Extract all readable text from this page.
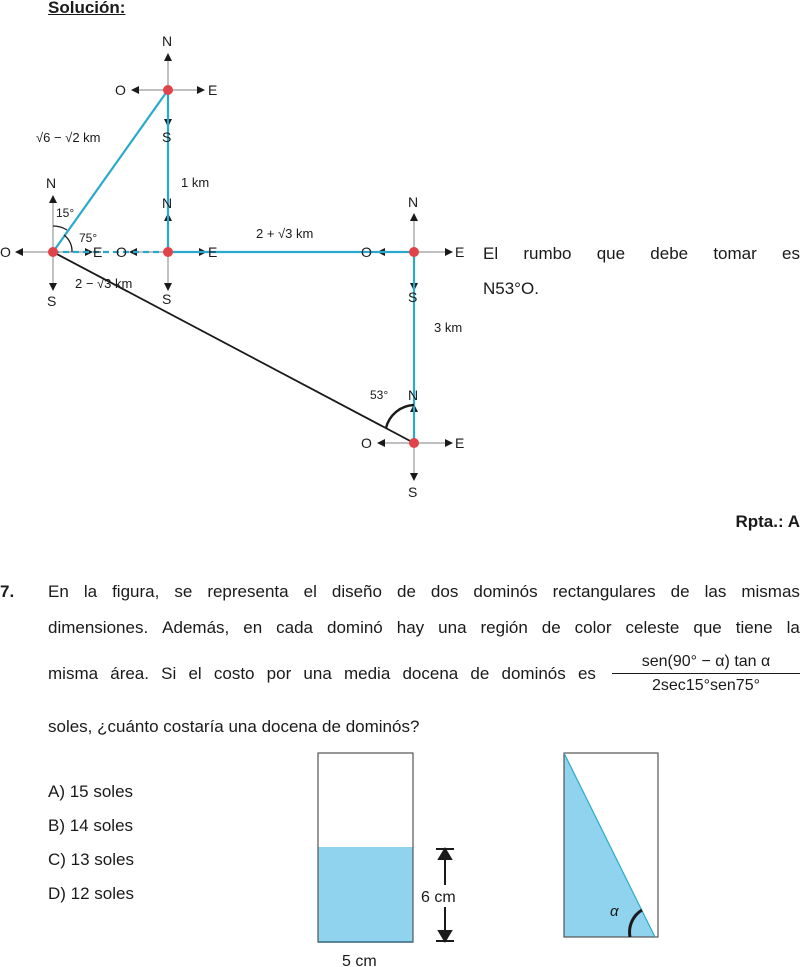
Solución:
N
O	E
S
N
O	E
S
N
O	E
S
N
O	E
S
N
O	E
S
√6 − √2 km
1 km
2 + √3 km
2 − √3 km
3 km
15°
75°
53°
El rumbo que debe tomar es
N53°O.
Rpta.: A
7. En la figura, se representa el diseño de dos dominós rectangulares de las mismas
dimensiones. Además, en cada dominó hay una región de color celeste que tiene la
misma área. Si el costo por una media docena de dominós es
sen(90° − α) tan α
2sec15°sen75°
soles, ¿cuánto costaría una docena de dominós?
A) 15 soles
B) 14 soles
C) 13 soles
D) 12 soles	6 cm
5 cm
α
